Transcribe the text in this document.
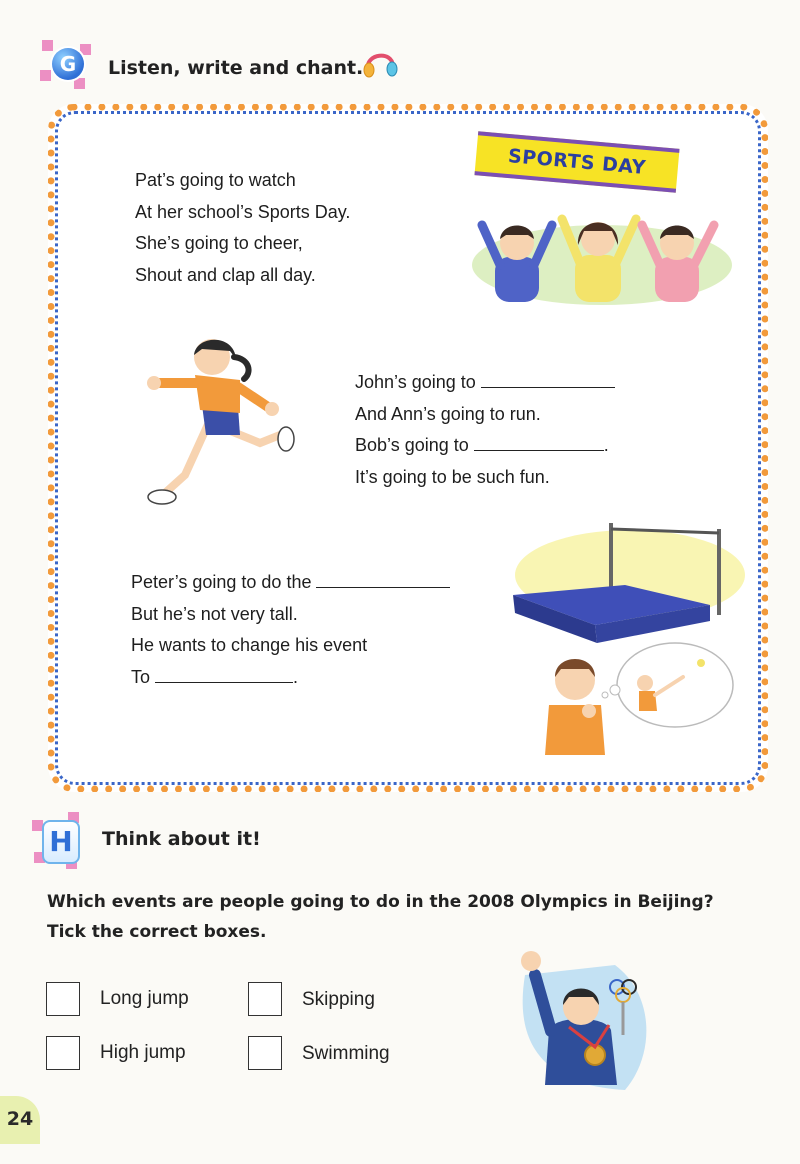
G	Listen, write and chant.
Pat’s going to watch
At her school’s Sports Day.
She’s going to cheer,
Shout and clap all day.
SPORTS DAY
John’s going to
And Ann’s going to run.
Bob’s going to	.
It’s going to be such fun.
Peter’s going to do the
But he’s not very tall.
He wants to change his event
To	.
H	Think about it!
Which events are people going to do in the 2008 Olympics in Beijing?
Tick the correct boxes.
Long jump	Skipping
High jump	Swimming
24
